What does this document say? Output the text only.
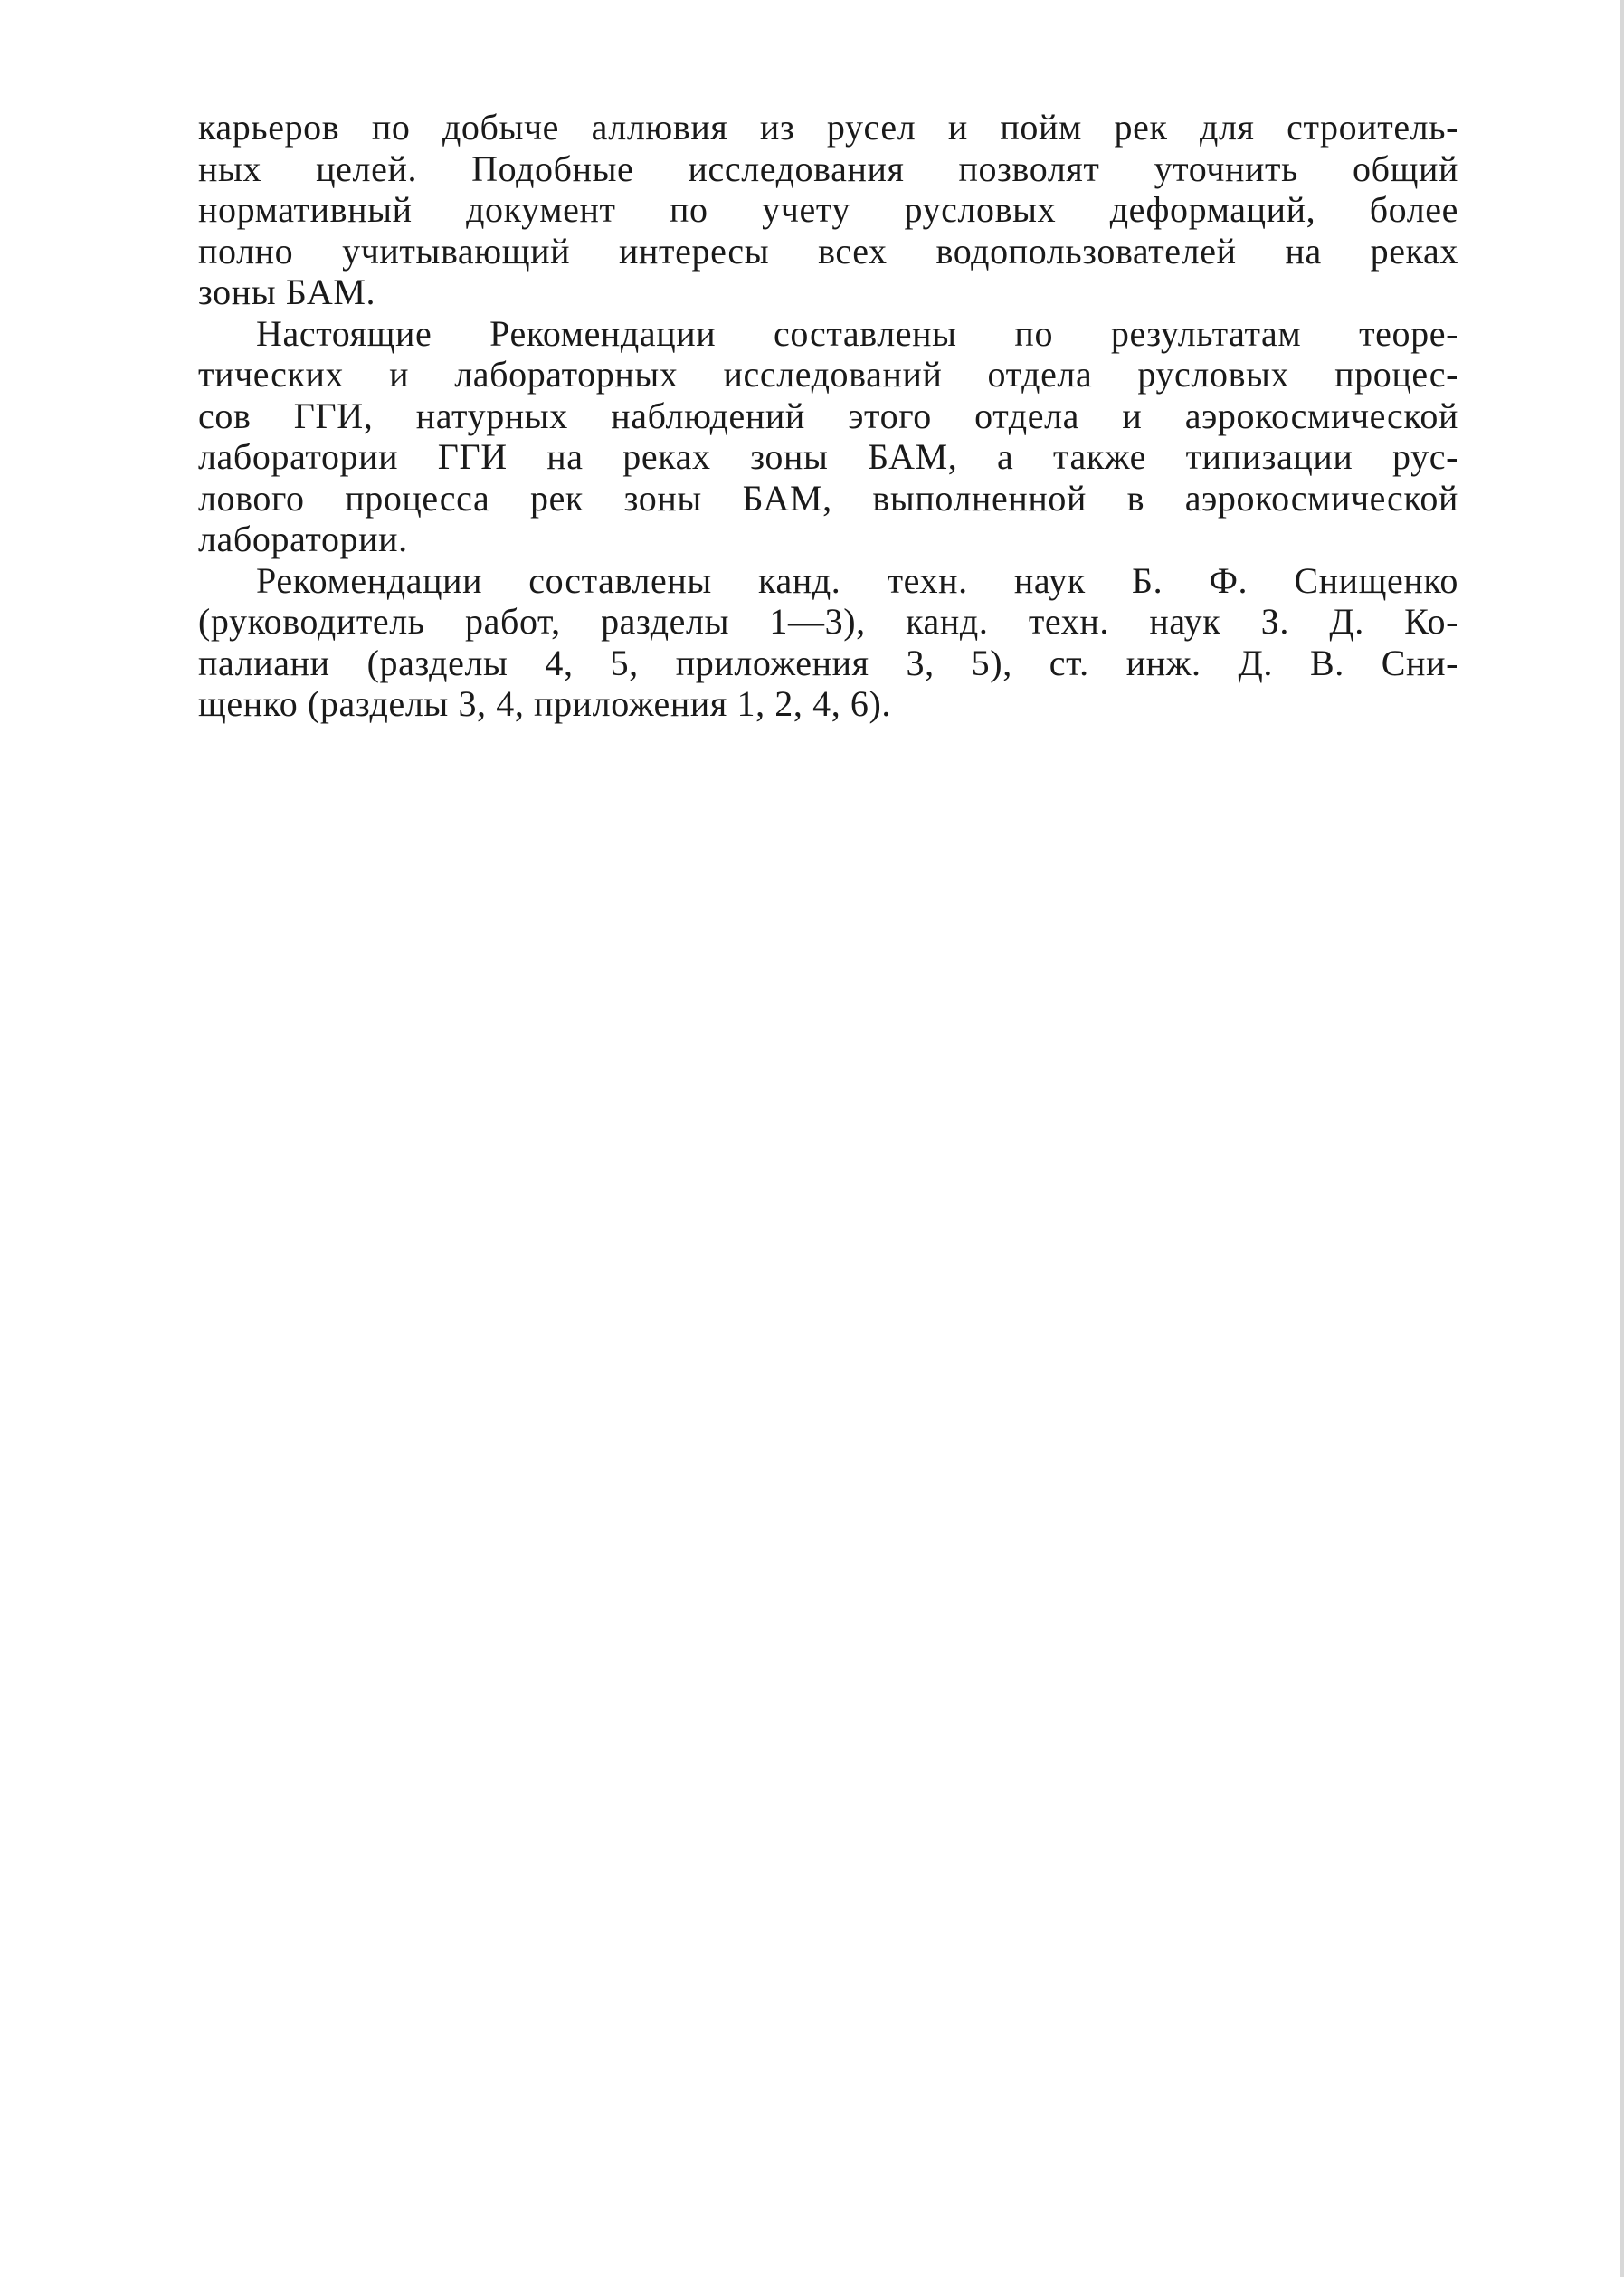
карьеров по добыче аллювия из русел и пойм рек для строитель-
ных целей. Подобные исследования позволят уточнить общий
нормативный документ по учету русловых деформаций, более
полно учитывающий интересы всех водопользователей на реках
зоны БАМ.
Настоящие Рекомендации составлены по результатам теоре-
тических и лабораторных исследований отдела русловых процес-
сов ГГИ, натурных наблюдений этого отдела и аэрокосмической
лаборатории ГГИ на реках зоны БАМ, а также типизации рус-
лового процесса рек зоны БАМ, выполненной в аэрокосмической
лаборатории.
Рекомендации составлены канд. техн. наук Б. Ф. Снищенко
(руководитель работ, разделы 1—3), канд. техн. наук З. Д. Ко-
палиани (разделы 4, 5, приложения 3, 5), ст. инж. Д. В. Сни-
щенко (разделы 3, 4, приложения 1, 2, 4, 6).
